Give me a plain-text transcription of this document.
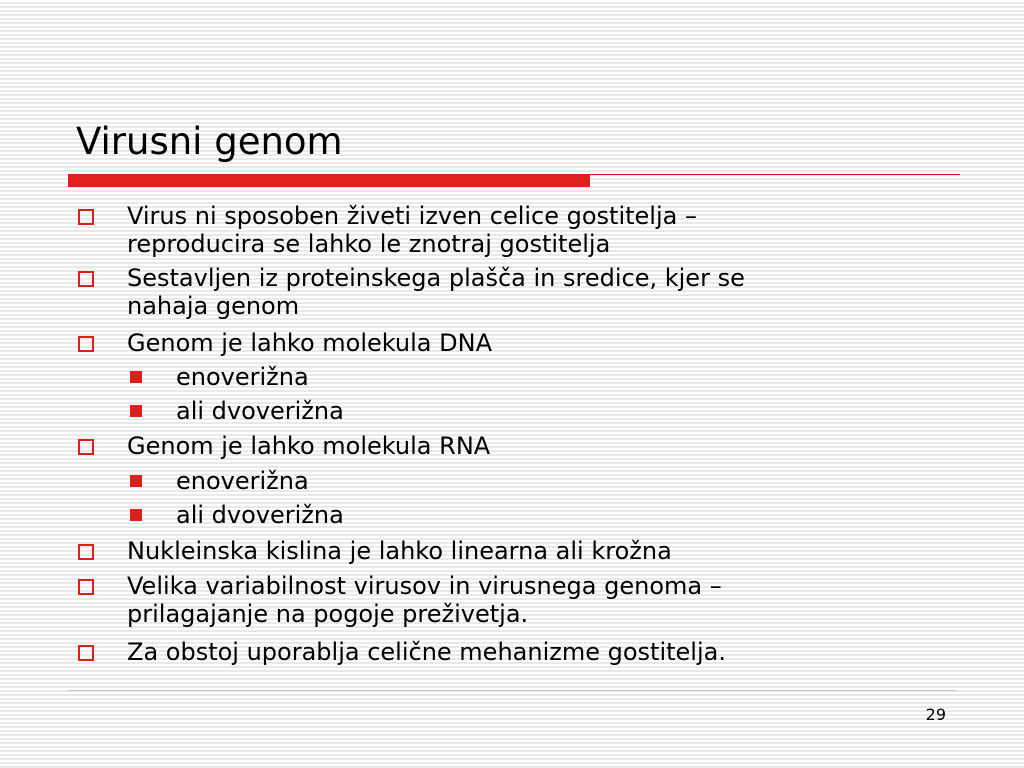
Virusni genom
Virus ni sposoben živeti izven celice gostitelja –
reproducira se lahko le znotraj gostitelja
Sestavljen iz proteinskega plašča in sredice, kjer se
nahaja genom
Genom je lahko molekula DNA
enoverižna
ali dvoverižna
Genom je lahko molekula RNA
enoverižna
ali dvoverižna
Nukleinska kislina je lahko linearna ali krožna
Velika variabilnost virusov in virusnega genoma –
prilagajanje na pogoje preživetja.
Za obstoj uporablja celične mehanizme gostitelja.
29
